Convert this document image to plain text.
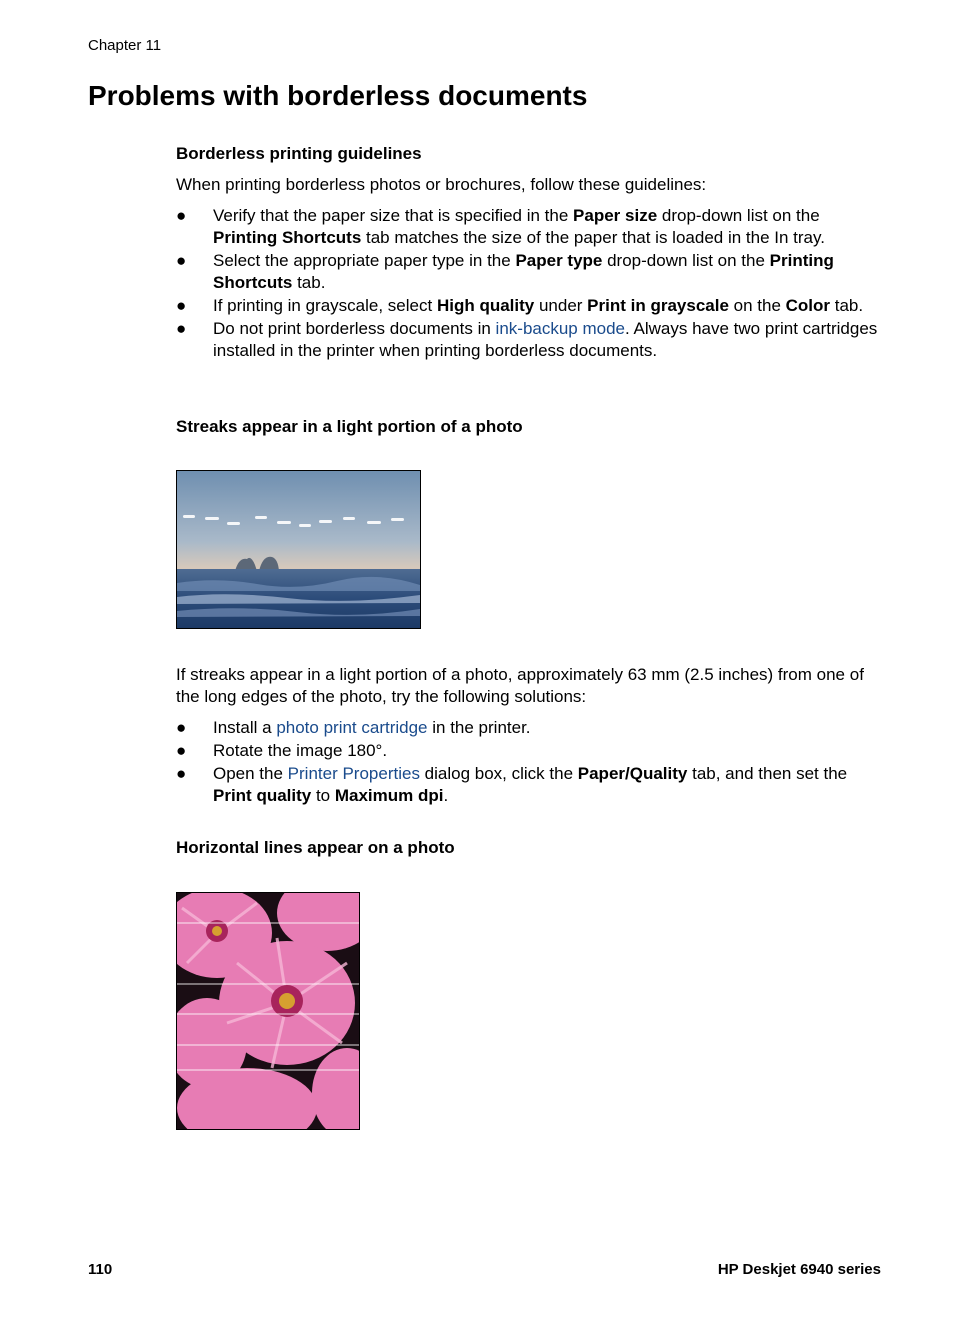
Chapter 11
Problems with borderless documents

Borderless printing guidelines

When printing borderless photos or brochures, follow these guidelines:

● Verify that the paper size that is specified in the Paper size drop-down list on the Printing Shortcuts tab matches the size of the paper that is loaded in the In tray.
● Select the appropriate paper type in the Paper type drop-down list on the Printing Shortcuts tab.
● If printing in grayscale, select High quality under Print in grayscale on the Color tab.
● Do not print borderless documents in ink-backup mode. Always have two print cartridges installed in the printer when printing borderless documents.

Streaks appear in a light portion of a photo

If streaks appear in a light portion of a photo, approximately 63 mm (2.5 inches) from one of the long edges of the photo, try the following solutions:

● Install a photo print cartridge in the printer.
● Rotate the image 180°.
● Open the Printer Properties dialog box, click the Paper/Quality tab, and then set the Print quality to Maximum dpi.

Horizontal lines appear on a photo

110	HP Deskjet 6940 series
